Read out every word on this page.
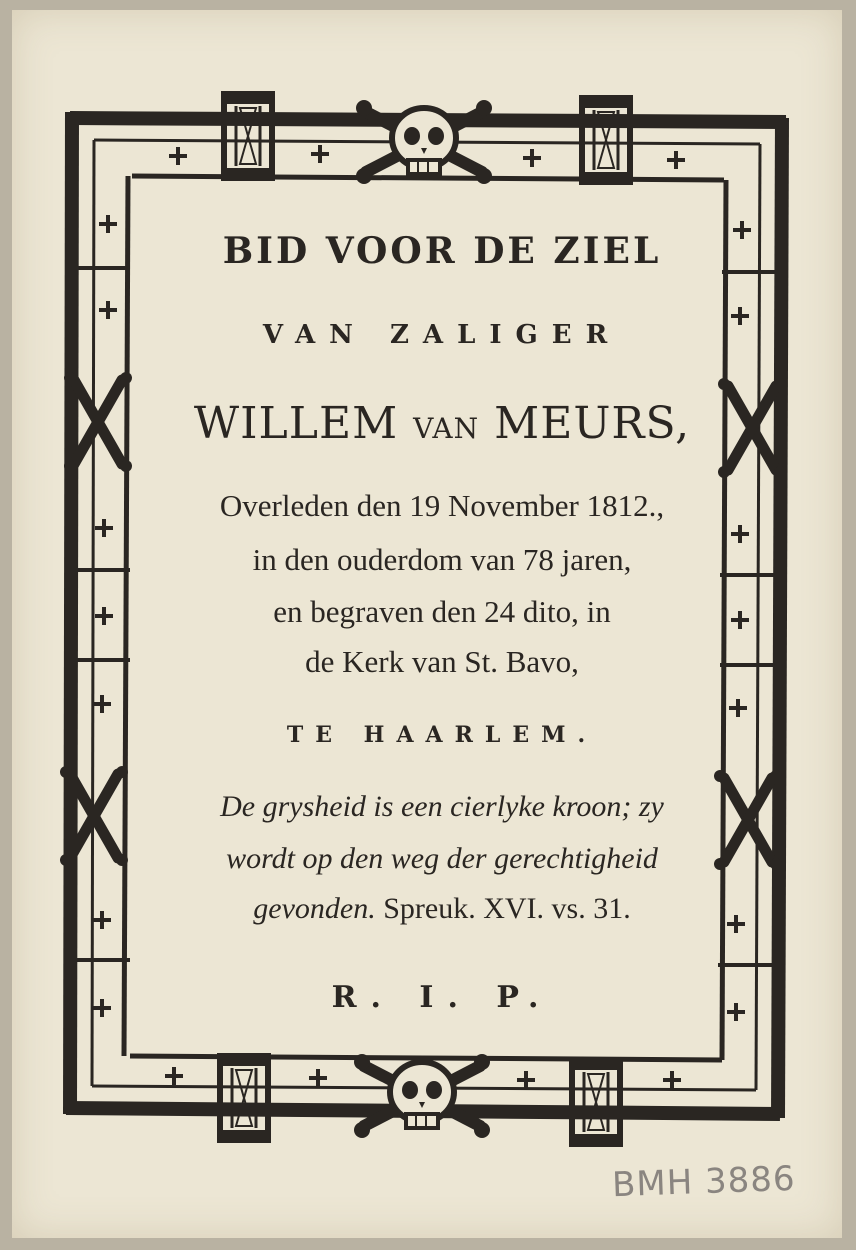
BID VOOR DE ZIEL
VAN ZALIGER
WILLEM VAN MEURS,
Overleden den 19 November 1812.,
in den ouderdom van 78 jaren,
en begraven den 24 dito, in
de Kerk van St. Bavo,
TE HAARLEM.
De grysheid is een cierlyke kroon; zy
wordt op den weg der gerechtigheid
gevonden. Spreuk. XVI. vs. 31.
R. I. P.
BMH 3886
